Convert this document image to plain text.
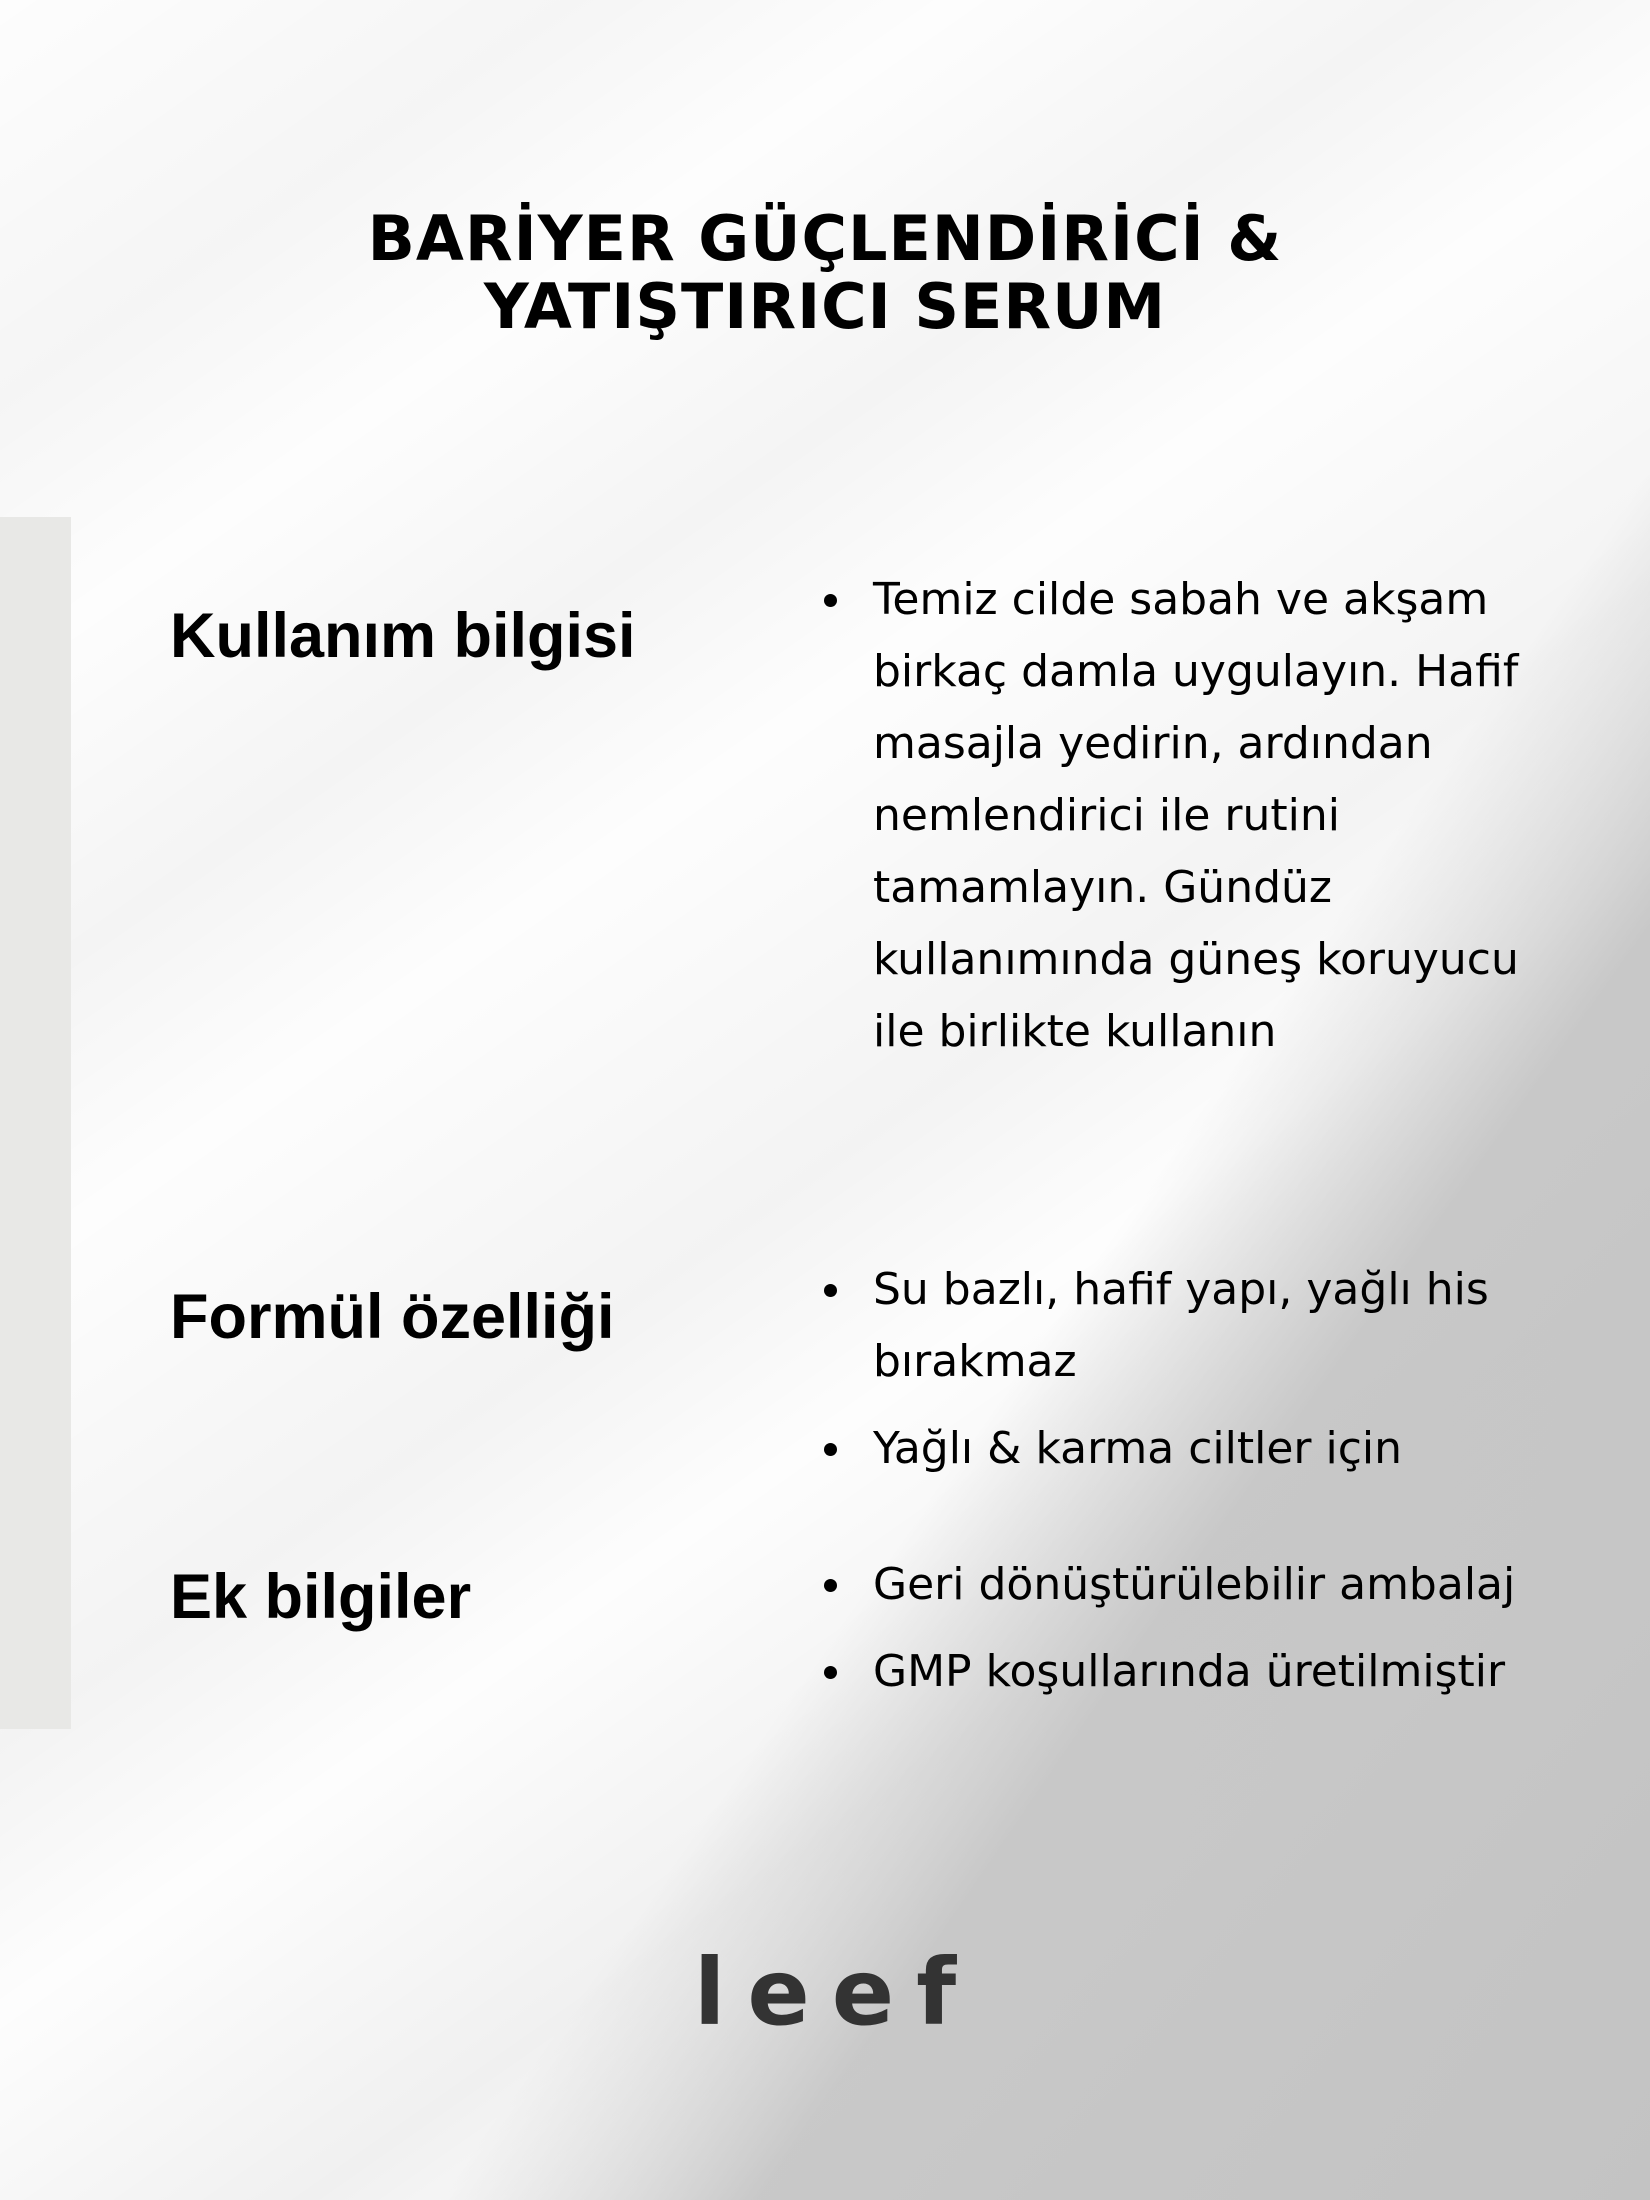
BARİYER GÜÇLENDİRİCİ &
YATIŞTIRICI SERUM
Kullanım bilgisi
Temiz cilde sabah ve akşam birkaç damla uygulayın. Hafif masajla yedirin, ardından nemlendirici ile rutini tamamlayın. Gündüz kullanımında güneş koruyucu ile birlikte kullanın
Formül özelliği	Su bazlı, hafif yapı, yağlı his bırakmaz
Yağlı & karma ciltler için
Ek bilgiler	Geri dönüştürülebilir ambalaj
GMP koşullarında üretilmiştir
leef
